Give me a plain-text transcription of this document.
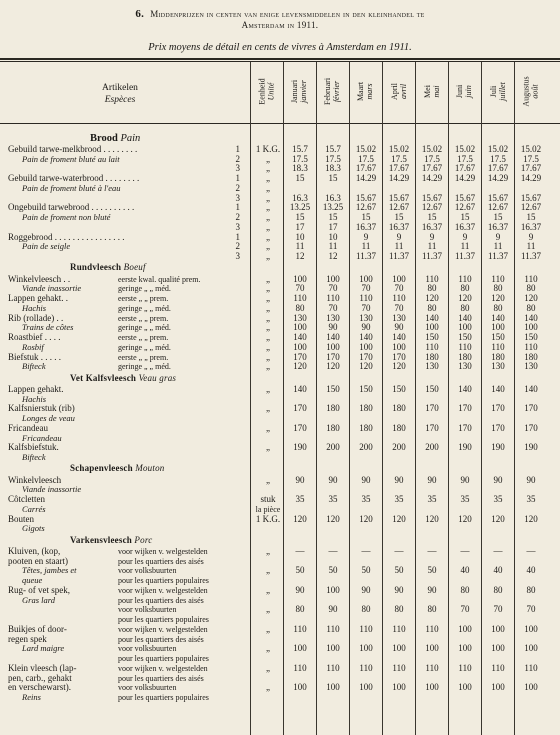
6. Middenprijzen in centen van enige levensmiddelen in den kleinhandel te
Amsterdam in 1911.
Prix moyens de détail en cents de vivres à Amsterdam en 1911.
Artikelen
Espèces	Eenheid Unité Januari janvier Februari février Maart mars April avril Mei mai Juni juin Juli juillet Augustus août
Brood Pain
Gebuild tarwe-melkbrood . . . . . . . .	1 1 K.G.	15.7	15.7	15.02	15.02	15.02	15.02	15.02	15.02
Pain de froment bluté au lait	2	„	17.5	17.5	17.5	17.5	17.5	17.5	17.5	17.5
3	„	18.3	18.3	17.67	17.67	17.67	17.67	17.67	17.67
Gebuild tarwe-waterbrood . . . . . . . .	1	„	15	15	14.29	14.29	14.29	14.29	14.29	14.29
Pain de froment bluté à l'eau	2	„
3	„	16.3	16.3	15.67	15.67	15.67	15.67	15.67	15.67
Ongebuild tarwebrood . . . . . . . . . .	1	„	13.25	13.25	12.67	12.67	12.67	12.67	12.67	12.67
Pain de froment non bluté	2	„	15	15	15	15	15	15	15	15
3	„	17	17	16.37	16.37	16.37	16.37	16.37	16.37
Roggebrood . . . . . . . . . . . . . . . .	1	„	10	10	9	9	9	9	9	9
Pain de seigle	2	„	11	11	11	11	11	11	11	11
3	„	12	12	11.37	11.37	11.37	11.37	11.37	11.37
Rundvleesch Boeuf
Winkelvleesch . .	eerste kwal. qualité prem.	„	100	100	100	100	110	110	110	110
Viande inassortie	geringe „ „ méd.	„	70	70	70	70	80	80	80	80
Lappen gehakt. .	eerste „ „ prem.	„	110	110	110	110	120	120	120	120
Hachis	geringe „ „ méd.	„	80	70	70	70	80	80	80	80
Rib (rollade) . .	eerste „ „ prem.	„	130	130	130	130	140	140	140	140
Trains de côtes	geringe „ „ méd.	„	100	90	90	90	100	100	100	100
Roastbief . . . .	eerste „ „ prem.	„	140	140	140	140	150	150	150	150
Rosbif	geringe „ „ méd.	„	100	100	100	100	110	110	110	110
Biefstuk . . . . .	eerste „ „ prem.	„	170	170	170	170	180	180	180	180
Bifteck	geringe „ „ méd.	„	120	120	120	120	130	130	130	130
Vet Kalfsvleesch Veau gras
Lappen gehakt.	„	140	150	150	150	150	140	140	140
Hachis
Kalfsnierstuk (rib)	„	170	180	180	180	170	170	170	170
Longes de veau
Fricandeau	„	170	180	180	180	170	170	170	170
Fricandeau
Kalfsbiefstuk.	„	190	200	200	200	200	190	190	190
Bifteck
Schapenvleesch Mouton
Winkelvleesch	„	90	90	90	90	90	90	90	90
Viande inassortie
Côtcletten	stuk	35	35	35	35	35	35	35	35
Carrés	la pièce
Bouten	1 K.G.	120	120	120	120	120	120	120	120
Gigots
Varkensvleesch Porc
Kluiven, (kop,	voor wijken v. welgestelden	„	—	—	—	—	—	—	—	—
pooten en staart)	pour les quartiers des aisés
Têtes, jambes et	voor volksbuurten	„	50	50	50	50	50	40	40	40
queue	pour les quartiers populaires
Rug- of vet spek,	voor wijken v. welgestelden	„	90	100	90	90	90	80	80	80
Gras lard	pour les quartiers des aisés
voor volksbuurten	„	80	90	80	80	80	70	70	70
pour les quartiers populaires
Buikjes of door-	voor wijken v. welgestelden	„	110	110	110	110	110	100	100	100
regen spek	pour les quartiers des aisés
Lard maigre	voor volksbuurten	„	100	100	100	100	100	100	100	100
pour les quartiers populaires
Klein vleesch (lap-	voor wijken v. welgestelden	„	110	110	110	110	110	110	110	110
pen, carb., gehakt	pour les quartiers des aisés
en verschewarst).	voor volksbuurten	„	100	100	100	100	100	100	100	100
Reins	pour les quartiers populaires
